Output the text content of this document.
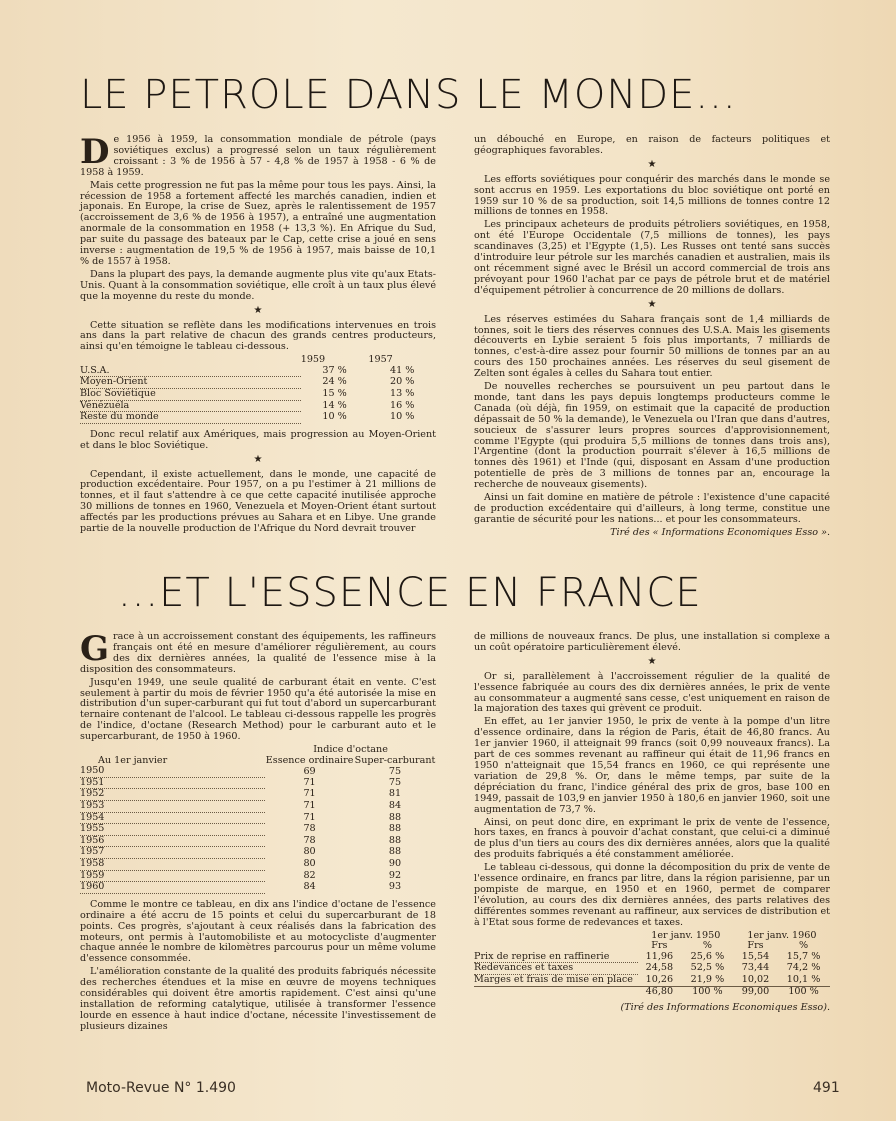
LE PETROLE DANS LE MONDE...

De 1956 à 1959, la consommation mondiale de pétrole (pays soviétiques exclus) a progressé selon un taux régulièrement croissant : 3 % de 1956 à 57 - 4,8 % de 1957 à 1958 - 6 % de 1958 à 1959.

Mais cette progression ne fut pas la même pour tous les pays. Ainsi, la récession de 1958 a fortement affecté les marchés canadien, indien et japonais. En Europe, la crise de Suez, après le ralentissement de 1957 (accroissement de 3,6 % de 1956 à 1957), a entraîné une augmentation anormale de la consommation en 1958 (+ 13,3 %). En Afrique du Sud, par suite du passage des bateaux par le Cap, cette crise a joué en sens inverse : augmentation de 19,5 % de 1956 à 1957, mais baisse de 10,1 % de 1557 à 1958.

Dans la plupart des pays, la demande augmente plus vite qu'aux Etats-Unis. Quant à la consommation soviétique, elle croît à un taux plus élevé que la moyenne du reste du monde.

★

Cette situation se reflète dans les modifications intervenues en trois ans dans la part relative de chacun des grands centres producteurs, ainsi qu'en témoigne le tableau ci-dessous.

	1959	1957
U.S.A.	37 %	41 %
Moyen-Orient	24 %	20 %
Bloc Soviétique	15 %	13 %
Vénézuéla	14 %	16 %
Reste du monde	10 %	10 %

Donc recul relatif aux Amériques, mais progression au Moyen-Orient et dans le bloc Soviétique.

★

Cependant, il existe actuellement, dans le monde, une capacité de production excédentaire. Pour 1957, on a pu l'estimer à 21 millions de tonnes, et il faut s'attendre à ce que cette capacité inutilisée approche 30 millions de tonnes en 1960, Venezuela et Moyen-Orient étant surtout affectés par les productions prévues au Sahara et en Libye. Une grande partie de la nouvelle production de l'Afrique du Nord devrait trouver

un débouché en Europe, en raison de facteurs politiques et géographiques favorables.

★

Les efforts soviétiques pour conquérir des marchés dans le monde se sont accrus en 1959. Les exportations du bloc soviétique ont porté en 1959 sur 10 % de sa production, soit 14,5 millions de tonnes contre 12 millions de tonnes en 1958.

Les principaux acheteurs de produits pétroliers soviétiques, en 1958, ont été l'Europe Occidentale (7,5 millions de tonnes), les pays scandinaves (3,25) et l'Egypte (1,5). Les Russes ont tenté sans succès d'introduire leur pétrole sur les marchés canadien et australien, mais ils ont récemment signé avec le Brésil un accord commercial de trois ans prévoyant pour 1960 l'achat par ce pays de pétrole brut et de matériel d'équipement pétrolier à concurrence de 20 millions de dollars.

★

Les réserves estimées du Sahara français sont de 1,4 milliards de tonnes, soit le tiers des réserves connues des U.S.A. Mais les gisements découverts en Lybie seraient 5 fois plus importants, 7 milliards de tonnes, c'est-à-dire assez pour fournir 50 millions de tonnes par an au cours des 150 prochaines années. Les réserves du seul gisement de Zelten sont égales à celles du Sahara tout entier.

De nouvelles recherches se poursuivent un peu partout dans le monde, tant dans les pays depuis longtemps producteurs comme le Canada (où déjà, fin 1959, on estimait que la capacité de production dépassait de 50 % la demande), le Venezuela ou l'Iran que dans d'autres, soucieux de s'assurer leurs propres sources d'approvisionnement, comme l'Egypte (qui produira 5,5 millions de tonnes dans trois ans), l'Argentine (dont la production pourrait s'élever à 16,5 millions de tonnes dès 1961) et l'Inde (qui, disposant en Assam d'une production potentielle de près de 3 millions de tonnes par an, encourage la recherche de nouveaux gisements).

Ainsi un fait domine en matière de pétrole : l'existence d'une capacité de production excédentaire qui d'ailleurs, à long terme, constitue une garantie de sécurité pour les nations... et pour les consommateurs.

Tiré des « Informations Economiques Esso ».
...ET L'ESSENCE EN FRANCE

Grace à un accroissement constant des équipements, les raffineurs français ont été en mesure d'améliorer régulièrement, au cours des dix dernières années, la qualité de l'essence mise à la disposition des consommateurs.

Jusqu'en 1949, une seule qualité de carburant était en vente. C'est seulement à partir du mois de février 1950 qu'a été autorisée la mise en distribution d'un super-carburant qui fut tout d'abord un supercarburant ternaire contenant de l'alcool. Le tableau ci-dessous rappelle les progrès de l'indice, d'octane (Research Method) pour le carburant auto et le supercarburant, de 1950 à 1960.

	Indice d'octane	
Au 1er janvier	Essence ordinaire	Super-carburant
1950	69	75
1951	71	75
1952	71	81
1953	71	84
1954	71	88
1955	78	88
1956	78	88
1957	80	88
1958	80	90
1959	82	92
1960	84	93

Comme le montre ce tableau, en dix ans l'indice d'octane de l'essence ordinaire a été accru de 15 points et celui du supercarburant de 18 points. Ces progrès, s'ajoutant à ceux réalisés dans la fabrication des moteurs, ont permis à l'automobiliste et au motocycliste d'augmenter chaque année le nombre de kilomètres parcourus pour un même volume d'essence consommée.

L'amélioration constante de la qualité des produits fabriqués nécessite des recherches étendues et la mise en œuvre de moyens techniques considérables qui doivent être amortis rapidement. C'est ainsi qu'une installation de reforming catalytique, utilisée à transformer l'essence lourde en essence à haut indice d'octane, nécessite l'investissement de plusieurs dizaines

de millions de nouveaux francs. De plus, une installation si complexe a un coût opératoire particulièrement élevé.

★

Or si, parallèlement à l'accroissement régulier de la qualité de l'essence fabriquée au cours des dix dernières années, le prix de vente au consommateur a augmenté sans cesse, c'est uniquement en raison de la majoration des taxes qui grèvent ce produit.

En effet, au 1er janvier 1950, le prix de vente à la pompe d'un litre d'essence ordinaire, dans la région de Paris, était de 46,80 francs. Au 1er janvier 1960, il atteignait 99 francs (soit 0,99 nouveaux francs). La part de ces sommes revenant au raffineur qui était de 11,96 francs en 1950 n'atteignait que 15,54 francs en 1960, ce qui représente une variation de 29,8 %. Or, dans le même temps, par suite de la dépréciation du franc, l'indice général des prix de gros, base 100 en 1949, passait de 103,9 en janvier 1950 à 180,6 en janvier 1960, soit une augmentation de 73,7 %.

Ainsi, on peut donc dire, en exprimant le prix de vente de l'essence, hors taxes, en francs à pouvoir d'achat constant, que celui-ci a diminué de plus d'un tiers au cours des dix dernières années, alors que la qualité des produits fabriqués a été constamment améliorée.

Le tableau ci-dessous, qui donne la décomposition du prix de vente de l'essence ordinaire, en francs par litre, dans la région parisienne, par un pompiste de marque, en 1950 et en 1960, permet de comparer l'évolution, au cours des dix dernières années, des parts relatives des différentes sommes revenant au raffineur, aux services de distribution et à l'Etat sous forme de redevances et taxes.

	1er janv. 1950		1er janv. 1960	
	Frs	%	Frs	%
Prix de reprise en raffinerie	11,96	25,6 %	15,54	15,7 %
Redevances et taxes	24,58	52,5 %	73,44	74,2 %
Marges et frais de mise en place	10,26	21,9 %	10,02	10,1 %
	46,80	100 %	99,00	100 %
(Tiré des Informations Economiques Esso).
Moto-Revue N° 1.490	491
